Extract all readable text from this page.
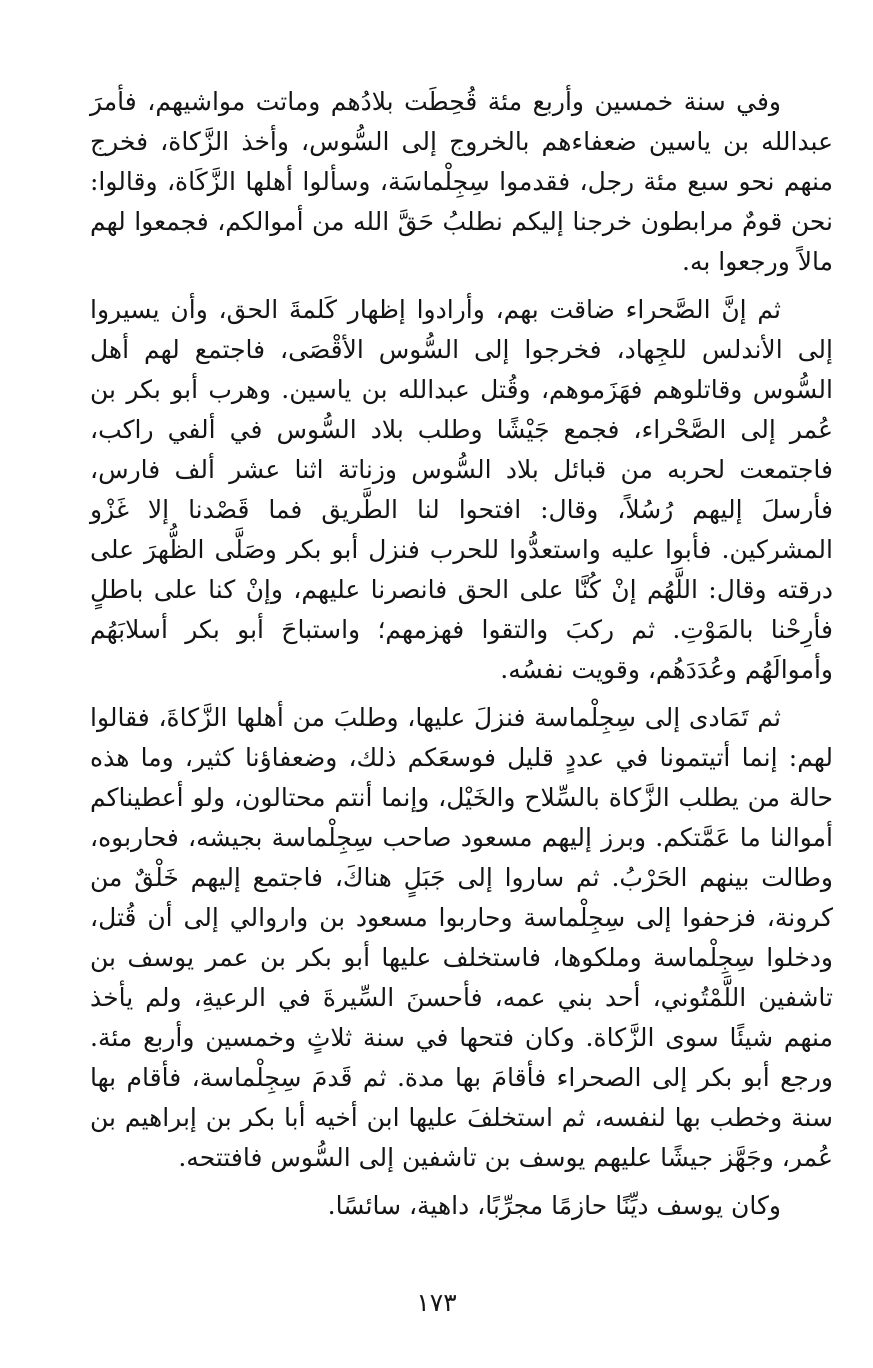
وفي سنة خمسين وأربع مئة قُحِطَت بلادُهم وماتت مواشيهم، فأمرَ عبدالله بن ياسين ضعفاءهم بالخروج إلى السُّوس، وأخذ الزَّكاة، فخرج منهم نحو سبع مئة رجل، فقدموا سِجِلْماسَة، وسألوا أهلها الزَّكَاة، وقالوا: نحن قومٌ مرابطون خرجنا إليكم نطلبُ حَقَّ الله من أموالكم، فجمعوا لهم مالاً ورجعوا به.

ثم إنَّ الصَّحراء ضاقت بهم، وأرادوا إظهار كَلمةَ الحق، وأن يسيروا إلى الأندلس للجِهاد، فخرجوا إلى السُّوس الأقْصَى، فاجتمع لهم أهل السُّوس وقاتلوهم فهَزَموهم، وقُتل عبدالله بن ياسين. وهرب أبو بكر بن عُمر إلى الصَّحْراء، فجمع جَيْشًا وطلب بلاد السُّوس في ألفي راكب، فاجتمعت لحربه من قبائل بلاد السُّوس وزناتة اثنا عشر ألف فارس، فأرسلَ إليهم رُسُلاً، وقال: افتحوا لنا الطَّريق فما قَصْدنا إلا غَزْو المشركين. فأبوا عليه واستعدُّوا للحرب فنزل أبو بكر وصَلَّى الظُّهرَ على درقته وقال: اللَّهُم إنْ كُنَّا على الحق فانصرنا عليهم، وإنْ كنا على باطلٍ فأرِحْنا بالمَوْتِ. ثم ركبَ والتقوا فهزمهم؛ واستباحَ أبو بكر أسلابَهُم وأموالَهُم وعُدَدَهُم، وقويت نفسُه.

ثم تَمَادى إلى سِجِلْماسة فنزلَ عليها، وطلبَ من أهلها الزَّكاةَ، فقالوا لهم: إنما أتيتمونا في عددٍ قليل فوسعَكم ذلك، وضعفاؤنا كثير، وما هذه حالة من يطلب الزَّكاة بالسِّلاح والخَيْل، وإنما أنتم محتالون، ولو أعطيناكم أموالنا ما عَمَّتكم. وبرز إليهم مسعود صاحب سِجِلْماسة بجيشه، فحاربوه، وطالت بينهم الحَرْبُ. ثم ساروا إلى جَبَلٍ هناكَ، فاجتمع إليهم خَلْقٌ من كرونة، فزحفوا إلى سِجِلْماسة وحاربوا مسعود بن واروالي إلى أن قُتل، ودخلوا سِجِلْماسة وملكوها، فاستخلف عليها أبو بكر بن عمر يوسف بن تاشفين اللَّمْتُوني، أحد بني عمه، فأحسنَ السِّيرةَ في الرعيةِ، ولم يأخذ منهم شيئًا سوى الزَّكاة. وكان فتحها في سنة ثلاثٍ وخمسين وأربع مئة. ورجع أبو بكر إلى الصحراء فأقامَ بها مدة. ثم قَدمَ سِجِلْماسة، فأقام بها سنة وخطب بها لنفسه، ثم استخلفَ عليها ابن أخيه أبا بكر بن إبراهيم بن عُمر، وجَهَّز جيشًا عليهم يوسف بن تاشفين إلى السُّوس فافتتحه.

وكان يوسف ديِّنًا حازمًا مجرِّبًا، داهية، سائسًا.

١٧٣
